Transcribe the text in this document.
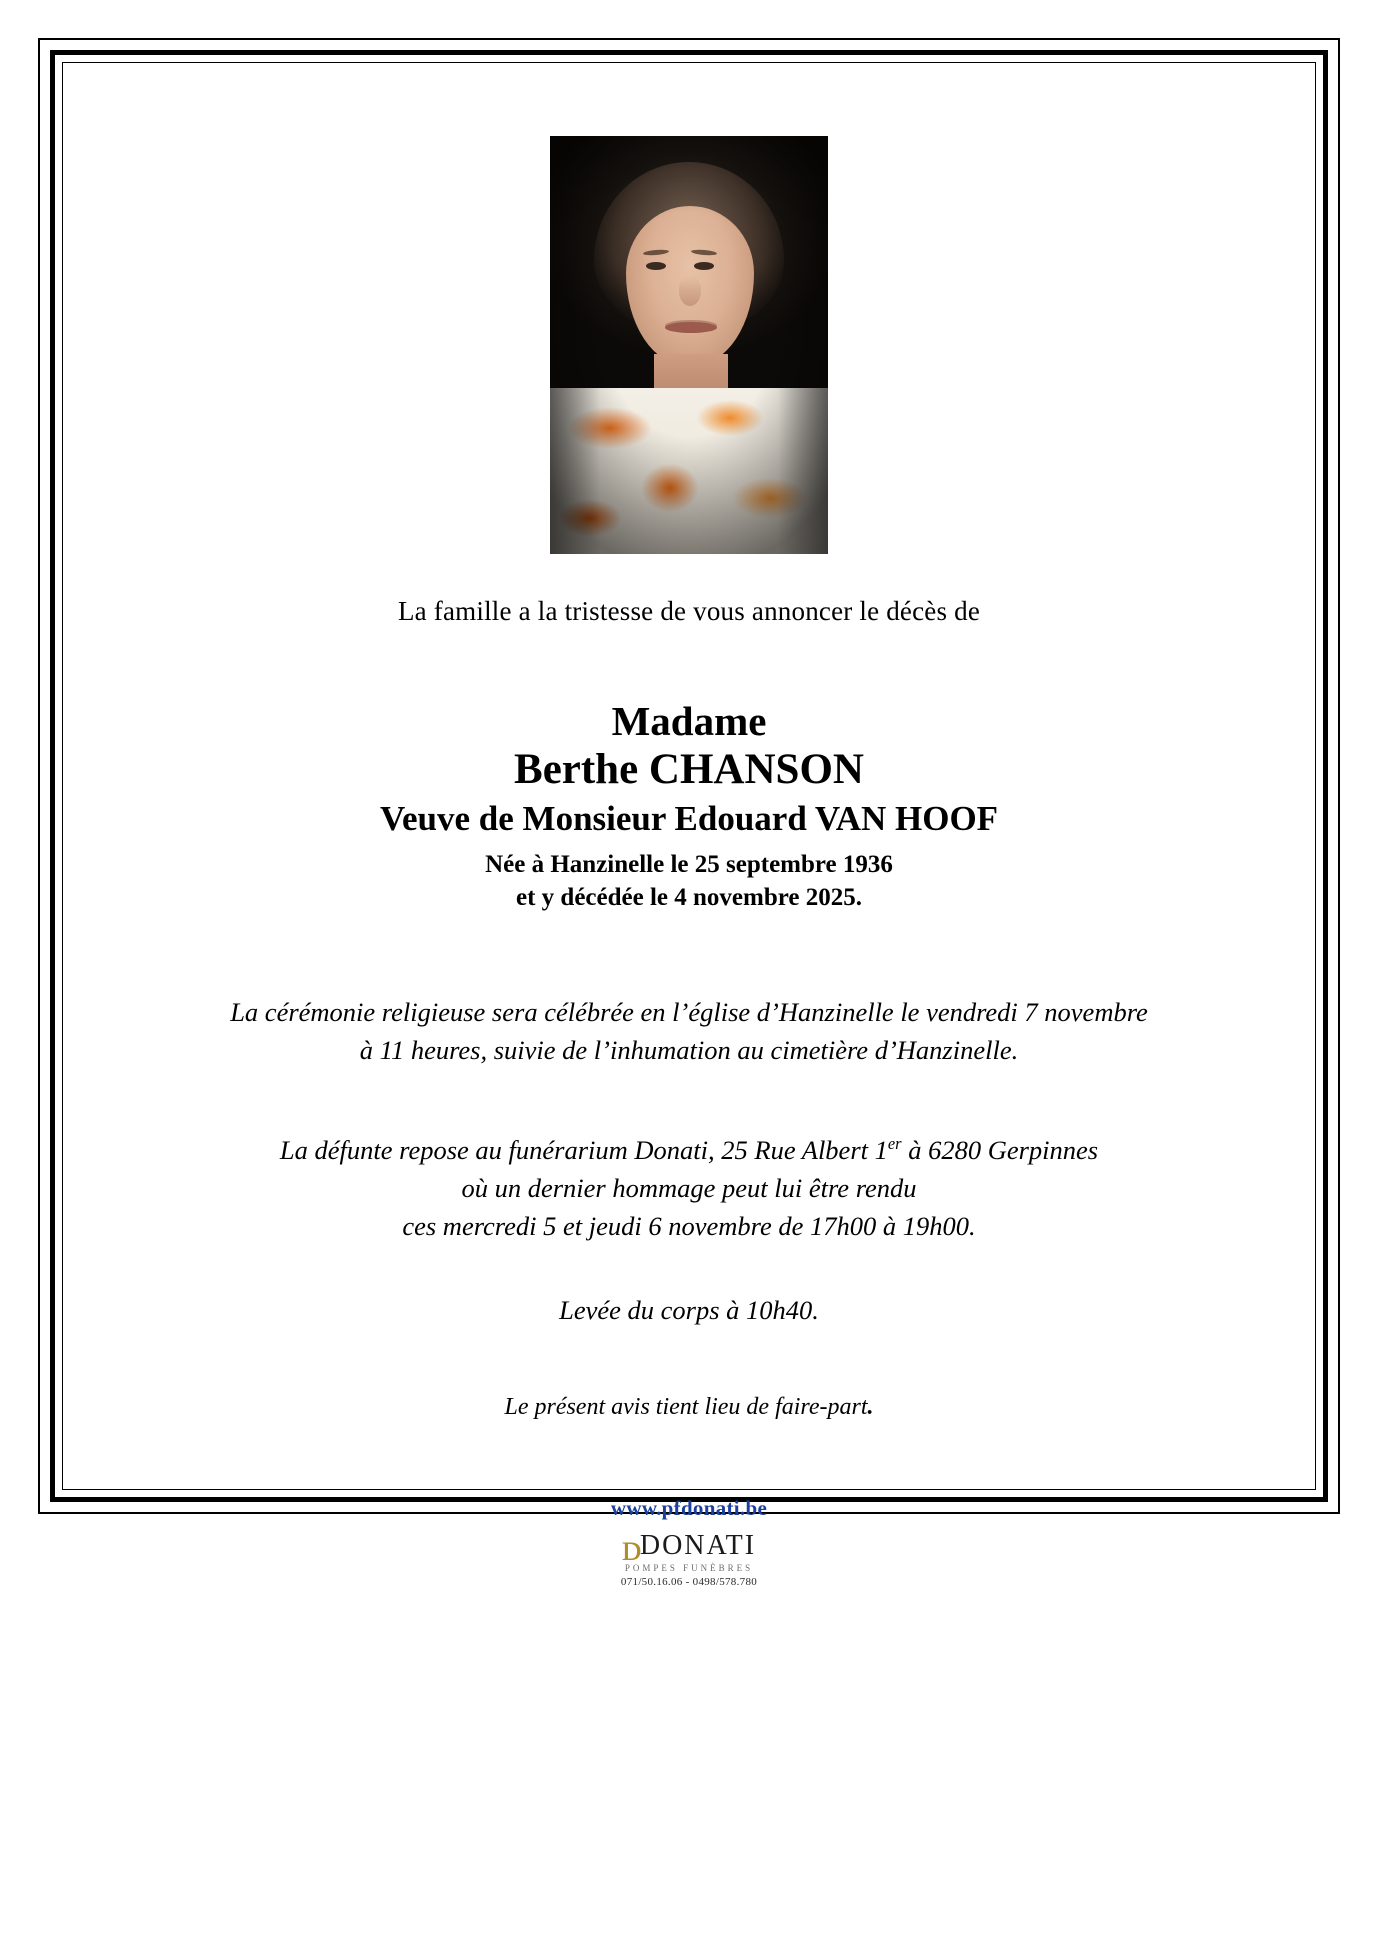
La famille a la tristesse de vous annoncer le décès de
Madame
Berthe CHANSON
Veuve de Monsieur Edouard VAN HOOF
Née à Hanzinelle le 25 septembre 1936
et y décédée le 4 novembre 2025.
La cérémonie religieuse sera célébrée en l’église d’Hanzinelle le vendredi 7 novembre
à 11 heures, suivie de l’inhumation au cimetière d’Hanzinelle.
La défunte repose au funérarium Donati, 25 Rue Albert 1er à 6280 Gerpinnes
où un dernier hommage peut lui être rendu
ces mercredi 5 et jeudi 6 novembre de 17h00 à 19h00.
Levée du corps à 10h40.
Le présent avis tient lieu de faire-part.
www.pfdonati.be
ᴅ DONATI
POMPES FUNÈBRES
071/50.16.06 - 0498/578.780
